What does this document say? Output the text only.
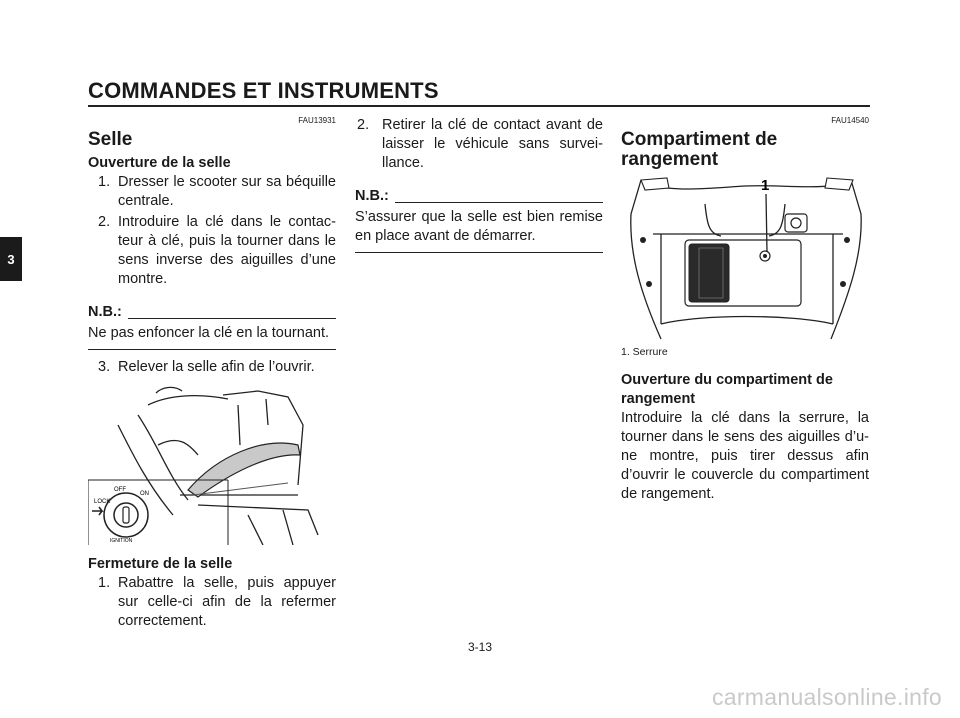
COMMANDES ET INSTRUMENTS
3
FAU13931
Selle
Ouverture de la selle
1. Dresser le scooter sur sa béquille centrale.
2. Introduire la clé dans le contacteur à clé, puis la tourner dans le sens inverse des aiguilles d’une montre.
N.B.:

Ne pas enfoncer la clé en la tournant.

3. Relever la selle afin de l’ouvrir.
OFF
ON
LOCK
IGNITION
Fermeture de la selle
1. Rabattre la selle, puis appuyer sur celle-ci afin de la refermer correctement.
2. Retirer la clé de contact avant de laisser le véhicule sans surveillance.
N.B.:

S’assurer que la selle est bien remise en place avant de démarrer.

FAU14540
Compartiment de rangement
1
1. Serrure
Ouverture du compartiment de rangement

Introduire la clé dans la serrure, la tourner dans le sens des aiguilles d’une montre, puis tirer dessus afin d’ouvrir le couvercle du compartiment de rangement.

3-13
carmanualsonline.info
